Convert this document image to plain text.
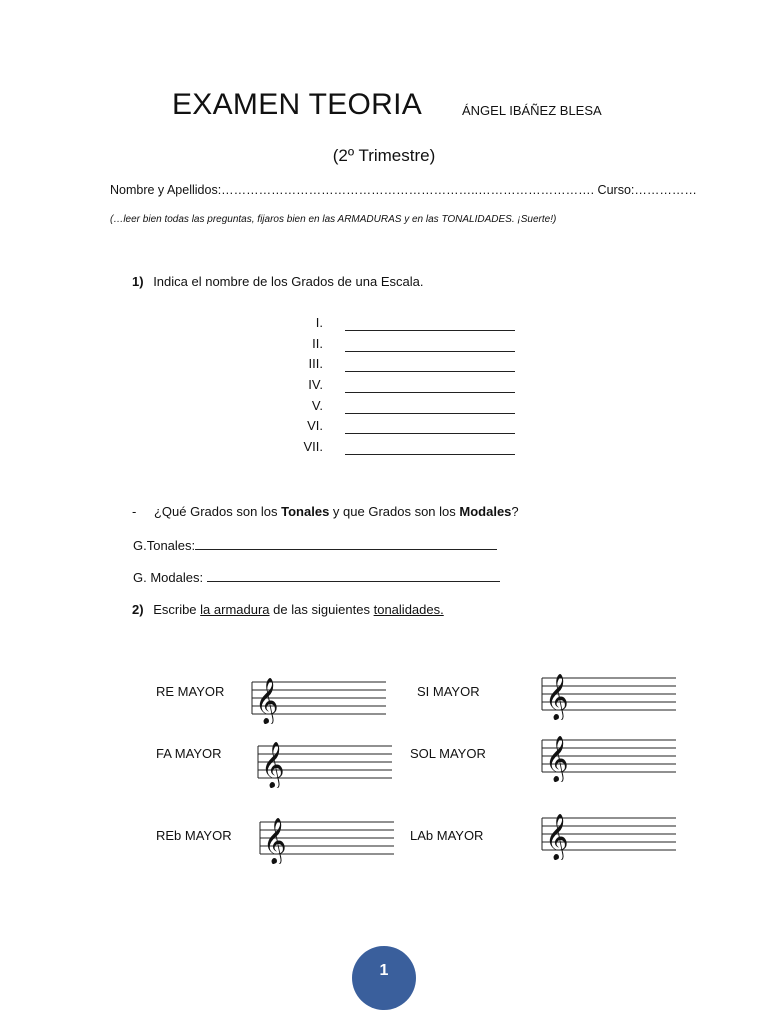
EXAMEN TEORIA	ÁNGEL IBÁÑEZ BLESA
(2º Trimestre)
Nombre y Apellidos:……………………………………………………..………………………. Curso:……………
(…leer bien todas las preguntas, fijaros bien en las ARMADURAS y en las TONALIDADES. ¡Suerte!)
1) Indica el nombre de los Grados de una Escala.
I.
II.
III.
IV.
V.
VI.
VII.
- ¿Qué Grados son los Tonales y que Grados son los Modales?
G.Tonales:
G. Modales:
2) Escribe la armadura de las siguientes tonalidades.
RE MAYOR	SI MAYOR
FA MAYOR	SOL MAYOR
REb MAYOR	LAb MAYOR
𝄞	𝄞
𝄞	𝄞
𝄞	𝄞
1
